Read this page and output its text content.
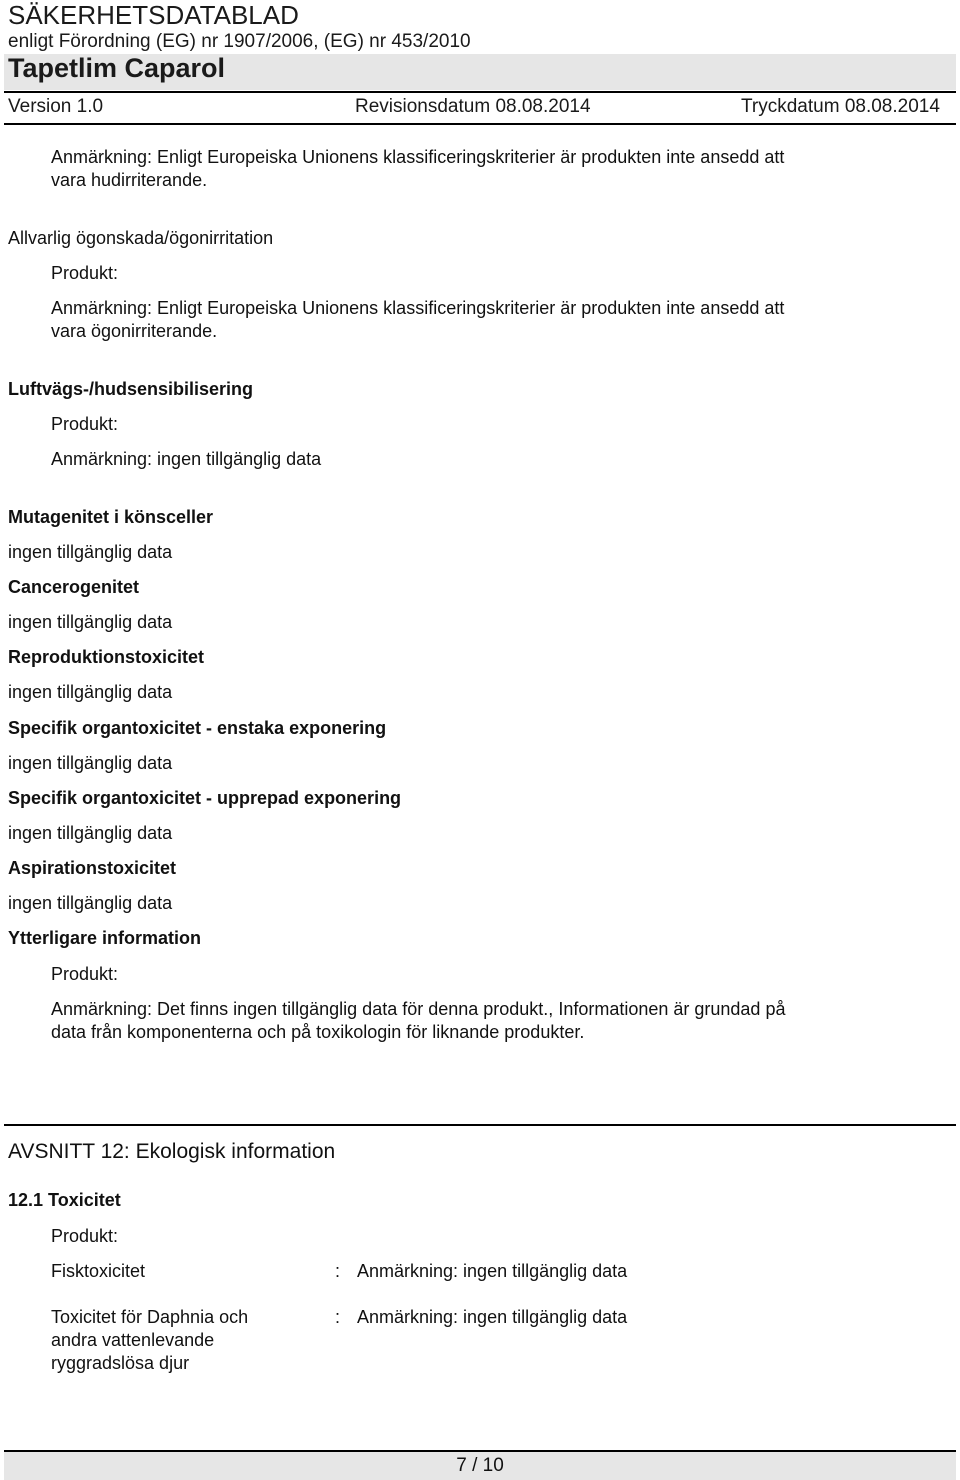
SÄKERHETSDATABLAD
enligt Förordning (EG) nr 1907/2006, (EG) nr 453/2010
Tapetlim Caparol
Version 1.0	Revisionsdatum 08.08.2014	Tryckdatum 08.08.2014
Anmärkning: Enligt Europeiska Unionens klassificeringskriterier är produkten inte ansedd att
vara hudirriterande.
Allvarlig ögonskada/ögonirritation
Produkt:
Anmärkning: Enligt Europeiska Unionens klassificeringskriterier är produkten inte ansedd att
vara ögonirriterande.
Luftvägs-/hudsensibilisering
Produkt:
Anmärkning: ingen tillgänglig data
Mutagenitet i könsceller
ingen tillgänglig data
Cancerogenitet
ingen tillgänglig data
Reproduktionstoxicitet
ingen tillgänglig data
Specifik organtoxicitet - enstaka exponering
ingen tillgänglig data
Specifik organtoxicitet - upprepad exponering
ingen tillgänglig data
Aspirationstoxicitet
ingen tillgänglig data
Ytterligare information
Produkt:
Anmärkning: Det finns ingen tillgänglig data för denna produkt., Informationen är grundad på
data från komponenterna och på toxikologin för liknande produkter.
AVSNITT 12: Ekologisk information
12.1 Toxicitet
Produkt:
Fisktoxicitet	: Anmärkning: ingen tillgänglig data
Toxicitet för Daphnia och
andra vattenlevande
ryggradslösa djur
: Anmärkning: ingen tillgänglig data
7 / 10
